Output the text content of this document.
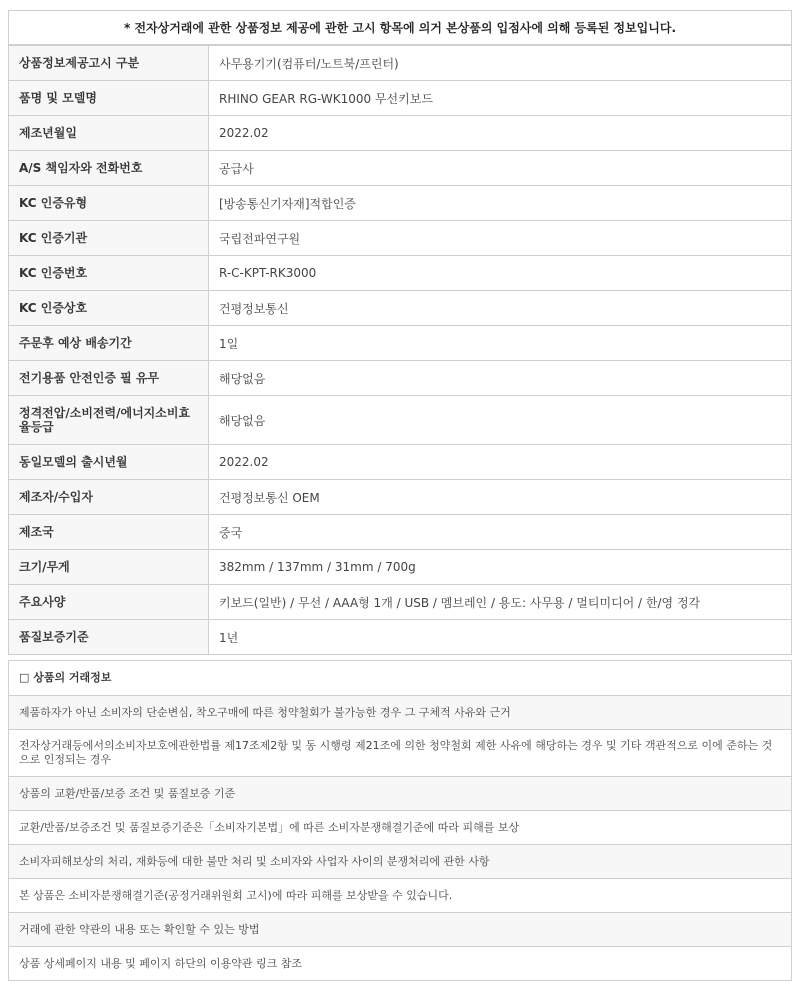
* 전자상거래에 관한 상품정보 제공에 관한 고시 항목에 의거 본상품의 입점사에 의해 등록된 정보입니다.
상품정보제공고시 구분	사무용기기(컴퓨터/노트북/프린터)
품명 및 모델명	RHINO GEAR RG-WK1000 무선키보드
제조년월일	2022.02
A/S 책임자와 전화번호	공급사
KC 인증유형	[방송통신기자재]적합인증
KC 인증기관	국립전파연구원
KC 인증번호	R-C-KPT-RK3000
KC 인증상호	건평정보통신
주문후 예상 배송기간	1일
전기용품 안전인증 필 유무	해당없음
정격전압/소비전력/에너지소비효율등급	해당없음
동일모델의 출시년월	2022.02
제조자/수입자	건평정보통신 OEM
제조국	중국
크기/무게	382mm / 137mm / 31mm / 700g
주요사양	키보드(일반) / 무선 / AAA형 1개 / USB / 멤브레인 / 용도: 사무용 / 멀티미디어 / 한/영 정각
품질보증기준	1년
□ 상품의 거래정보
제품하자가 아닌 소비자의 단순변심, 착오구매에 따른 청약철회가 불가능한 경우 그 구체적 사유와 근거
전자상거래등에서의소비자보호에관한법률 제17조제2항 및 동 시행령 제21조에 의한 청약철회 제한 사유에 해당하는 경우 및 기타 객관적으로 이에 준하는 것으로 인정되는 경우
상품의 교환/반품/보증 조건 및 품질보증 기준
교환/반품/보증조건 및 품질보증기준은「소비자기본법」에 따른 소비자분쟁해결기준에 따라 피해를 보상
소비자피해보상의 처리, 재화등에 대한 불만 처리 및 소비자와 사업자 사이의 분쟁처리에 관한 사항
본 상품은 소비자분쟁해결기준(공정거래위원회 고시)에 따라 피해를 보상받을 수 있습니다.
거래에 관한 약관의 내용 또는 확인할 수 있는 방법
상품 상세페이지 내용 및 페이지 하단의 이용약관 링크 참조
